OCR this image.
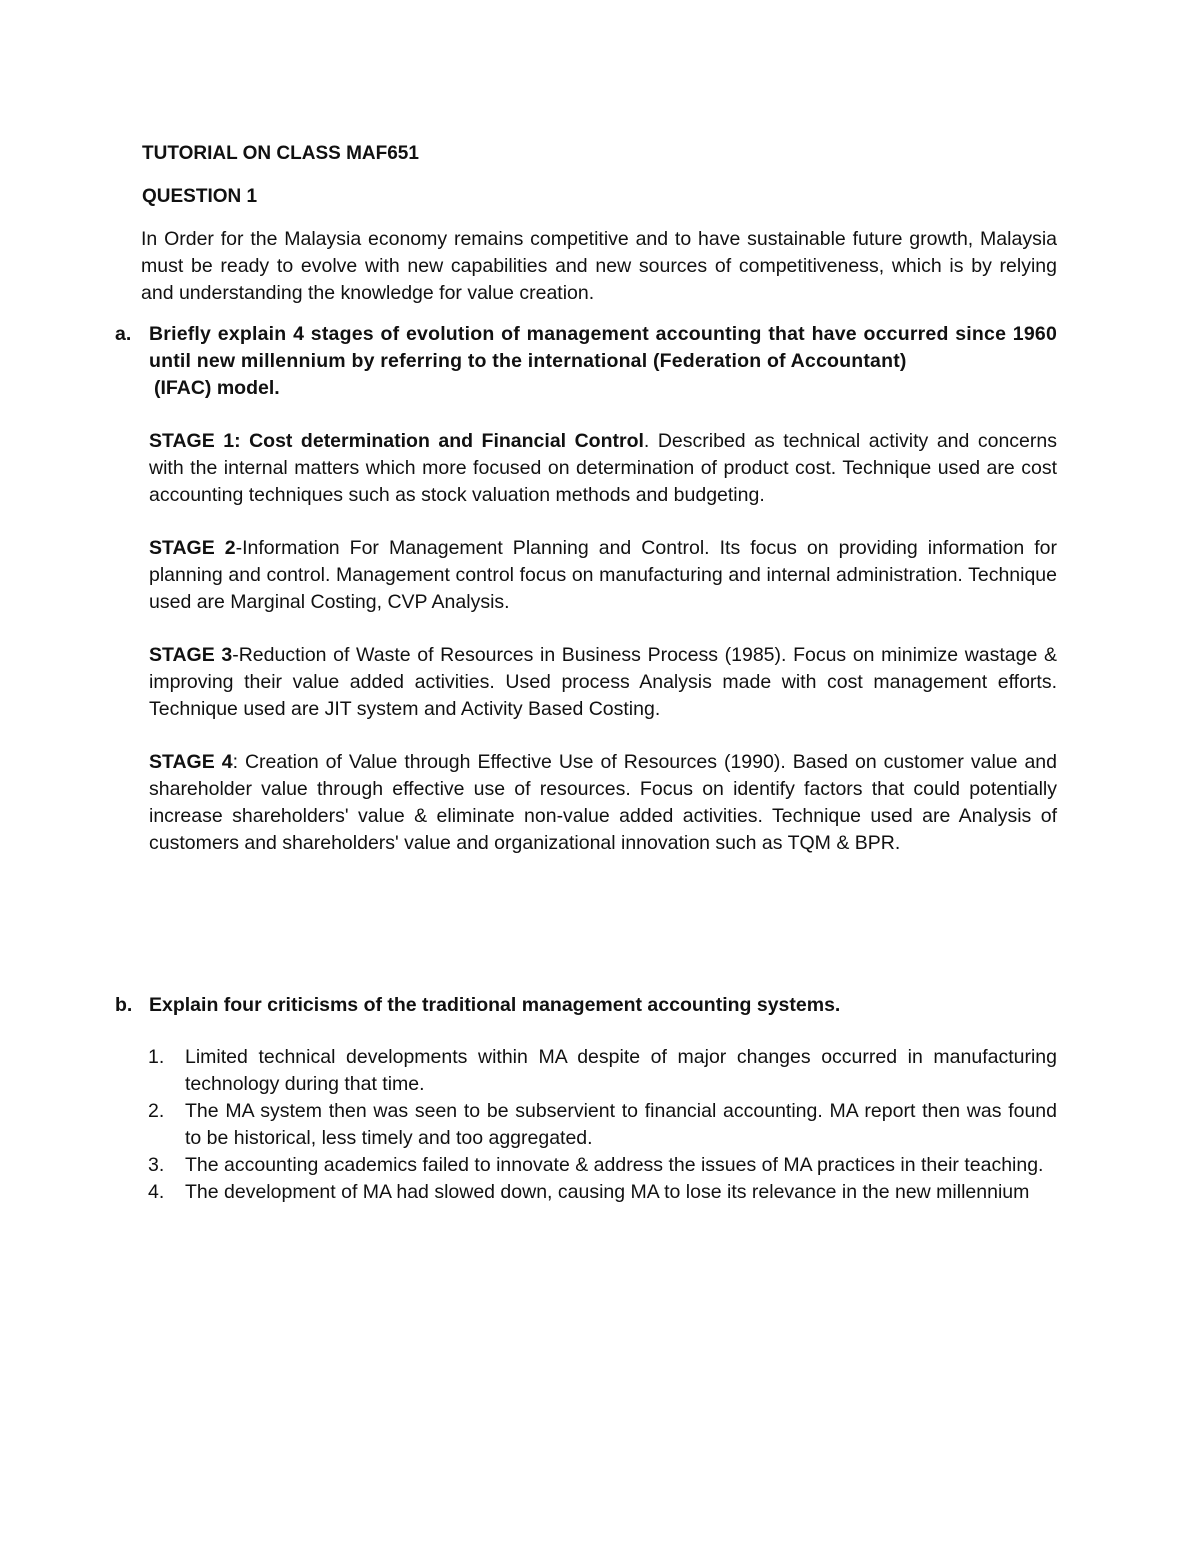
TUTORIAL ON CLASS MAF651
QUESTION 1

In Order for the Malaysia economy remains competitive and to have sustainable future growth, Malaysia must be ready to evolve with new capabilities and new sources of competitiveness, which is by relying and understanding the knowledge for value creation.

a. Briefly explain 4 stages of evolution of management accounting that have occurred since 1960 until new millennium by referring to the international (Federation of Accountant)

(IFAC) model.

STAGE 1: Cost determination and Financial Control. Described as technical activity and concerns with the internal matters which more focused on determination of product cost. Technique used are cost accounting techniques such as stock valuation methods and budgeting.

STAGE 2-Information For Management Planning and Control. Its focus on providing information for planning and control. Management control focus on manufacturing and internal administration. Technique used are Marginal Costing, CVP Analysis.

STAGE 3-Reduction of Waste of Resources in Business Process (1985). Focus on minimize wastage & improving their value added activities. Used process Analysis made with cost management efforts. Technique used are JIT system and Activity Based Costing.

STAGE 4: Creation of Value through Effective Use of Resources (1990). Based on customer value and shareholder value through effective use of resources. Focus on identify factors that could potentially increase shareholders' value & eliminate non-value added activities. Technique used are Analysis of customers and shareholders' value and organizational innovation such as TQM & BPR.

b. Explain four criticisms of the traditional management accounting systems.

1. Limited technical developments within MA despite of major changes occurred in manufacturing technology during that time.
2. The MA system then was seen to be subservient to financial accounting. MA report then was found to be historical, less timely and too aggregated.
3. The accounting academics failed to innovate & address the issues of MA practices in their teaching.
4. The development of MA had slowed down, causing MA to lose its relevance in the new millennium
